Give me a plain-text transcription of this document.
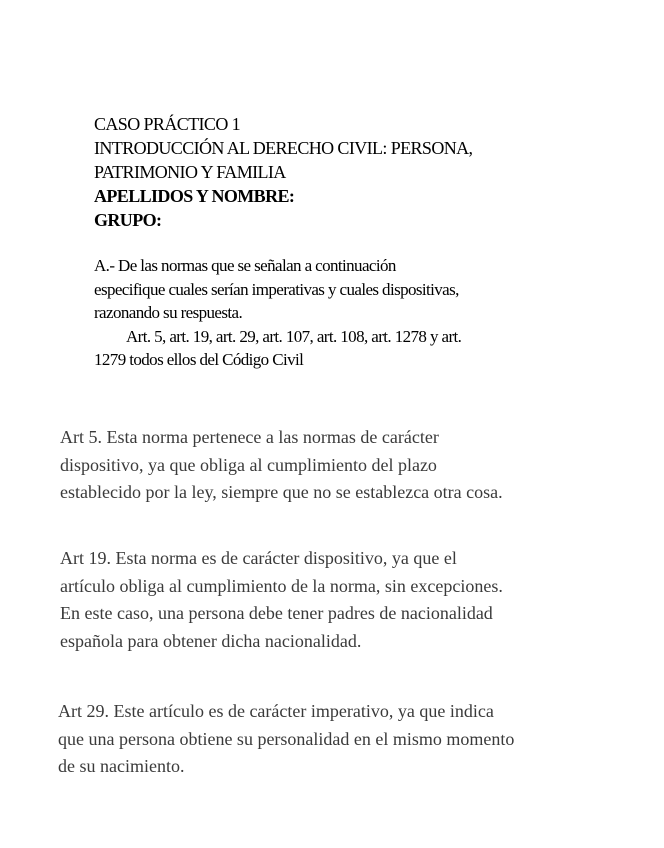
CASO PRÁCTICO 1
INTRODUCCIÓN AL DERECHO CIVIL: PERSONA,
PATRIMONIO Y FAMILIA
APELLIDOS Y NOMBRE:
GRUPO:
A.- De las normas que se señalan a continuación
especifique cuales serían imperativas y cuales dispositivas,
razonando su respuesta.
Art. 5, art. 19, art. 29, art. 107, art. 108, art. 1278 y art.
1279 todos ellos del Código Civil
Art 5. Esta norma pertenece a las normas de carácter
dispositivo, ya que obliga al cumplimiento del plazo
establecido por la ley, siempre que no se establezca otra cosa.
Art 19. Esta norma es de carácter dispositivo, ya que el
artículo obliga al cumplimiento de la norma, sin excepciones.
En este caso, una persona debe tener padres de nacionalidad
española para obtener dicha nacionalidad.
Art 29. Este artículo es de carácter imperativo, ya que indica
que una persona obtiene su personalidad en el mismo momento
de su nacimiento.
